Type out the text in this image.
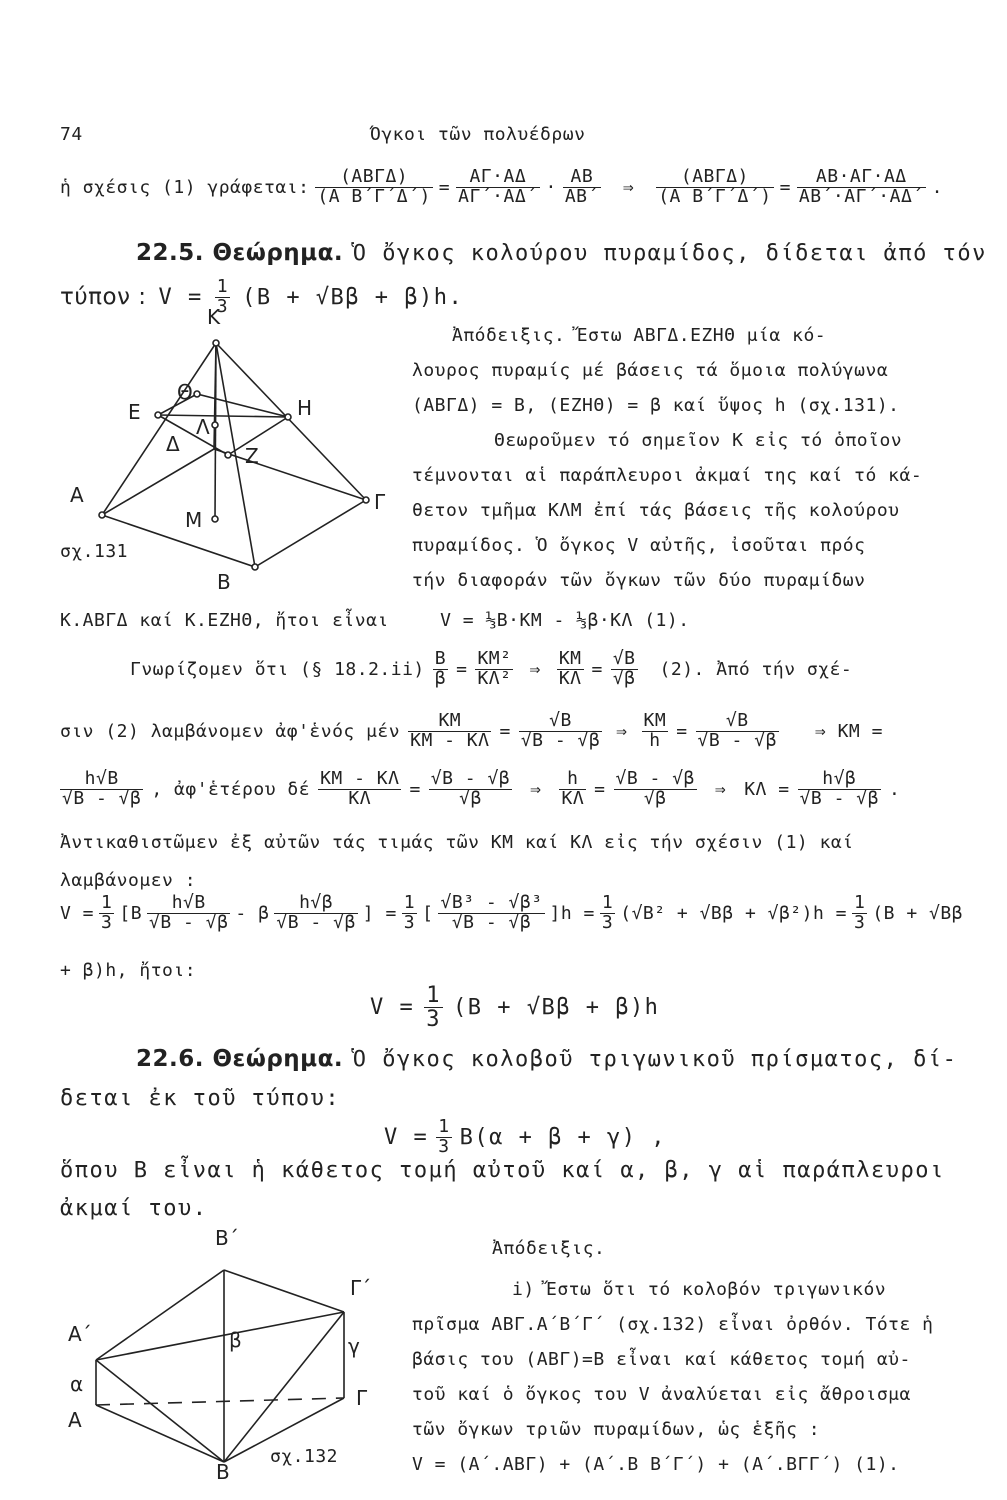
74	Όγκοι τῶν πολυέδρων
ἡ σχέσις (1) γράφεται: $\frac{\text{(ΑΒΓΔ)}}{\text{(Α Β΄Γ΄Δ΄)}} = \frac{A\Gamma\cdot A\Delta}{A\Gamma΄\cdot A\Delta΄} \cdot \frac{AB}{AB΄}$ ⇒ $\frac{\text{(ΑΒΓΔ)}}{\text{(Α Β΄Γ΄Δ΄)}} = \frac{AB\cdot A\Gamma\cdot A\Delta}{AB΄\cdot A\Gamma΄\cdot A\Delta΄}$ .
22.5. Θεώρημα. Ὁ ὄγκος κολούρου πυραμίδος, δίδεται ἀπό τόν
τύπον : $V = \frac{1}{3} (B + √B\beta + \beta)h$.
Ἀπόδειξις. Ἔστω ΑΒΓΔ.ΕΖΗΘ μία κό-
λουρος πυραμίς μέ βάσεις τά ὅμοια πολύγωνα
(ΑΒΓΔ) = Β, (ΕΖΗΘ) = β καί ὕψος h (σχ.131).
Θεωροῦμεν τό σημεῖον Κ εἰς τό ὁποῖον
τέμνονται αἱ παράπλευροι ἀκμαί της καί τό κά-
θετον τμῆμα ΚΛΜ ἐπί τάς βάσεις τῆς κολούρου
πυραμίδος. Ὁ ὄγκος V αὐτῆς, ἰσοῦται πρός
τήν διαφοράν τῶν ὄγκων τῶν δύο πυραμίδων
Κ
Ε	Η
Θ
Λ
Δ	Ζ
Α	Γ
Μ
Β
σχ.131
Κ.ΑΒΓΔ καί Κ.ΕΖΗΘ, ἤτοι εἶναι	V = ⅓Β·ΚΜ - ⅓β·ΚΛ (1).
Γνωρίζομεν ὅτι (§ $18.2.ii) \frac{B}{\beta} = \frac{\text{ΚΜ²}}{\text{ΚΛ²}}$ ⇒ $\frac{KM}{K\Lambda} = \frac{√B}{√\beta} (2)$. Ἀπό τήν σχέ-
σιν (2) λαμβάνομεν ἀφ'ἑνός μέν $\frac{KM}{KM - K\Lambda} = \frac{√B}{√B - √\beta}$ ⇒ $\frac{KM}{h} = \frac{√B}{√B - √\beta}$ ⇒ ΚΜ =
$\frac{h√B}{√B - √\beta}$ , ἀφ'ἑτέρου δέ $\frac{KM - K\Lambda}{K\Lambda} = \frac{√B - √\beta}{√\beta}$ ⇒ $\frac{h}{K\Lambda} = \frac{√B - √\beta}{√\beta}$ ⇒ $K\Lambda = \frac{h√\beta}{√B - √\beta}$ .
Ἀντικαθιστῶμεν ἐξ αὐτῶν τάς τιμάς τῶν ΚΜ καί ΚΛ εἰς τήν σχέσιν (1) καί
λαμβάνομεν :
$V = \frac{1}{3} [B \frac{h√B}{√B - √\beta} - \beta \frac{h√\beta}{√B - √\beta}$ ] = $\frac{1}{3}$ [ $\frac{\text{√Β³ - √β³}}{√B - √\beta} ]h = \frac{1}{3} (√B^2 + √B\beta + √\beta^2)h = \frac{1}{3} (B + √B\beta$
+ β)h, ἤτοι:
$V = \frac{1}{3} (B + √B\beta + \beta)h$
22.6. Θεώρημα. Ὁ ὄγκος κολοβοῦ τριγωνικοῦ πρίσματος, δί-
δεται ἐκ τοῦ τύπου:
$V = \frac{1}{3} B(\alpha + \beta + \gamma)$ ,
ὅπου Β εἶναι ἡ κάθετος τομή αὐτοῦ καί α, β, γ αἱ παράπλευροι
ἀκμαί του.
Ἀπόδειξις.
i) Ἔστω ὅτι τό κολοβόν τριγωνικόν
πρῖσμα ΑΒΓ.Α΄Β΄Γ΄ (σχ.132) εἶναι ὀρθόν. Τότε ἡ
βάσις του (ΑΒΓ)=Β εἶναι καί κάθετος τομή αὐ-
τοῦ καί ὁ ὄγκος του V ἀναλύεται εἰς ἄθροισμα
τῶν ὄγκων τριῶν πυραμίδων, ὡς ἑξῆς :
V = (Α΄.ΑΒΓ) + (Α΄.Β Β΄Γ΄) + (Α΄.ΒΓΓ΄) (1).
Β΄
Γ΄
Α΄	β	γ
α
Γ
Α
Β
σχ.132
